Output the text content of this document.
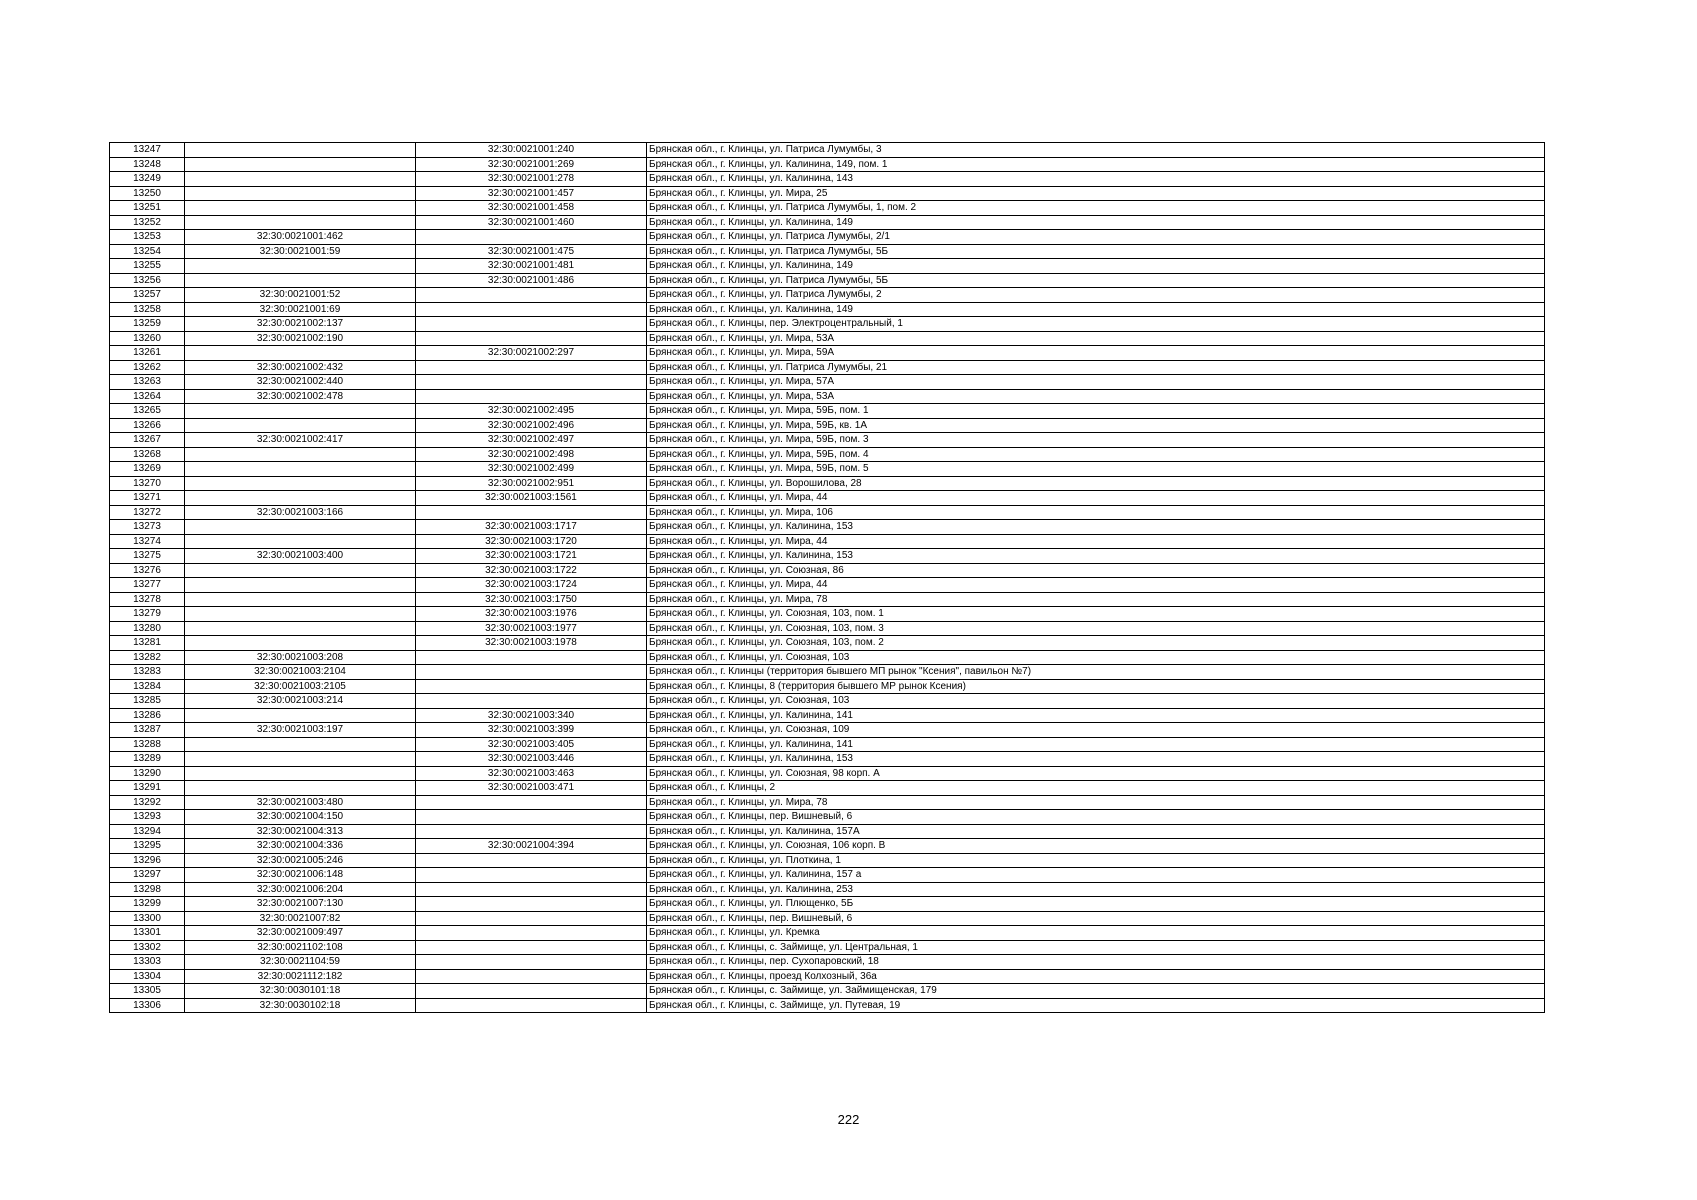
13247		32:30:0021001:240	Брянская обл., г. Клинцы, ул. Патриса Лумумбы, 3
13248		32:30:0021001:269	Брянская обл., г. Клинцы, ул. Калинина, 149, пом. 1
13249		32:30:0021001:278	Брянская обл., г. Клинцы, ул. Калинина, 143
13250		32:30:0021001:457	Брянская обл., г. Клинцы, ул. Мира, 25
13251		32:30:0021001:458	Брянская обл., г. Клинцы, ул. Патриса Лумумбы, 1, пом. 2
13252		32:30:0021001:460	Брянская обл., г. Клинцы, ул. Калинина, 149
13253	32:30:0021001:462		Брянская обл., г. Клинцы, ул. Патриса Лумумбы, 2/1
13254	32:30:0021001:59	32:30:0021001:475	Брянская обл., г. Клинцы, ул. Патриса Лумумбы, 5Б
13255		32:30:0021001:481	Брянская обл., г. Клинцы, ул. Калинина, 149
13256		32:30:0021001:486	Брянская обл., г. Клинцы, ул. Патриса Лумумбы, 5Б
13257	32:30:0021001:52		Брянская обл., г. Клинцы, ул. Патриса Лумумбы, 2
13258	32:30:0021001:69		Брянская обл., г. Клинцы, ул. Калинина, 149
13259	32:30:0021002:137		Брянская обл., г. Клинцы, пер. Электроцентральный, 1
13260	32:30:0021002:190		Брянская обл., г. Клинцы, ул. Мира, 53А
13261		32:30:0021002:297	Брянская обл., г. Клинцы, ул. Мира, 59А
13262	32:30:0021002:432		Брянская обл., г. Клинцы, ул. Патриса Лумумбы, 21
13263	32:30:0021002:440		Брянская обл., г. Клинцы, ул. Мира, 57А
13264	32:30:0021002:478		Брянская обл., г. Клинцы, ул. Мира, 53А
13265		32:30:0021002:495	Брянская обл., г. Клинцы, ул. Мира, 59Б, пом. 1
13266		32:30:0021002:496	Брянская обл., г. Клинцы, ул. Мира, 59Б, кв. 1А
13267	32:30:0021002:417	32:30:0021002:497	Брянская обл., г. Клинцы, ул. Мира, 59Б, пом. 3
13268		32:30:0021002:498	Брянская обл., г. Клинцы, ул. Мира, 59Б, пом. 4
13269		32:30:0021002:499	Брянская обл., г. Клинцы, ул. Мира, 59Б, пом. 5
13270		32:30:0021002:951	Брянская обл., г. Клинцы, ул. Ворошилова, 28
13271		32:30:0021003:1561	Брянская обл., г. Клинцы, ул. Мира, 44
13272	32:30:0021003:166		Брянская обл., г. Клинцы, ул. Мира, 106
13273		32:30:0021003:1717	Брянская обл., г. Клинцы, ул. Калинина, 153
13274		32:30:0021003:1720	Брянская обл., г. Клинцы, ул. Мира, 44
13275	32:30:0021003:400	32:30:0021003:1721	Брянская обл., г. Клинцы, ул. Калинина, 153
13276		32:30:0021003:1722	Брянская обл., г. Клинцы, ул. Союзная, 86
13277		32:30:0021003:1724	Брянская обл., г. Клинцы, ул. Мира, 44
13278		32:30:0021003:1750	Брянская обл., г. Клинцы, ул. Мира, 78
13279		32:30:0021003:1976	Брянская обл., г. Клинцы, ул. Союзная, 103, пом. 1
13280		32:30:0021003:1977	Брянская обл., г. Клинцы, ул. Союзная, 103, пом. 3
13281		32:30:0021003:1978	Брянская обл., г. Клинцы, ул. Союзная, 103, пом. 2
13282	32:30:0021003:208		Брянская обл., г. Клинцы, ул. Союзная, 103
13283	32:30:0021003:2104		Брянская обл., г. Клинцы (территория бывшего МП рынок "Ксения", павильон №7)
13284	32:30:0021003:2105		Брянская обл., г. Клинцы, 8 (территория бывшего МР рынок Ксения)
13285	32:30:0021003:214		Брянская обл., г. Клинцы, ул. Союзная, 103
13286		32:30:0021003:340	Брянская обл., г. Клинцы, ул. Калинина, 141
13287	32:30:0021003:197	32:30:0021003:399	Брянская обл., г. Клинцы, ул. Союзная, 109
13288		32:30:0021003:405	Брянская обл., г. Клинцы, ул. Калинина, 141
13289		32:30:0021003:446	Брянская обл., г. Клинцы, ул. Калинина, 153
13290		32:30:0021003:463	Брянская обл., г. Клинцы, ул. Союзная, 98 корп. А
13291		32:30:0021003:471	Брянская обл., г. Клинцы, 2
13292	32:30:0021003:480		Брянская обл., г. Клинцы, ул. Мира, 78
13293	32:30:0021004:150		Брянская обл., г. Клинцы, пер. Вишневый, 6
13294	32:30:0021004:313		Брянская обл., г. Клинцы, ул. Калинина, 157А
13295	32:30:0021004:336	32:30:0021004:394	Брянская обл., г. Клинцы, ул. Союзная, 106 корп. В
13296	32:30:0021005:246		Брянская обл., г. Клинцы, ул. Плоткина, 1
13297	32:30:0021006:148		Брянская обл., г. Клинцы, ул. Калинина, 157 а
13298	32:30:0021006:204		Брянская обл., г. Клинцы, ул. Калинина, 253
13299	32:30:0021007:130		Брянская обл., г. Клинцы, ул. Плющенко, 5Б
13300	32:30:0021007:82		Брянская обл., г. Клинцы, пер. Вишневый, 6
13301	32:30:0021009:497		Брянская обл., г. Клинцы, ул. Кремка
13302	32:30:0021102:108		Брянская обл., г. Клинцы, с. Займище, ул. Центральная, 1
13303	32:30:0021104:59		Брянская обл., г. Клинцы, пер. Сухопаровский, 18
13304	32:30:0021112:182		Брянская обл., г. Клинцы, проезд Колхозный, 36а
13305	32:30:0030101:18		Брянская обл., г. Клинцы, с. Займище, ул. Займищенская, 179
13306	32:30:0030102:18		Брянская обл., г. Клинцы, с. Займище, ул. Путевая, 19
222
